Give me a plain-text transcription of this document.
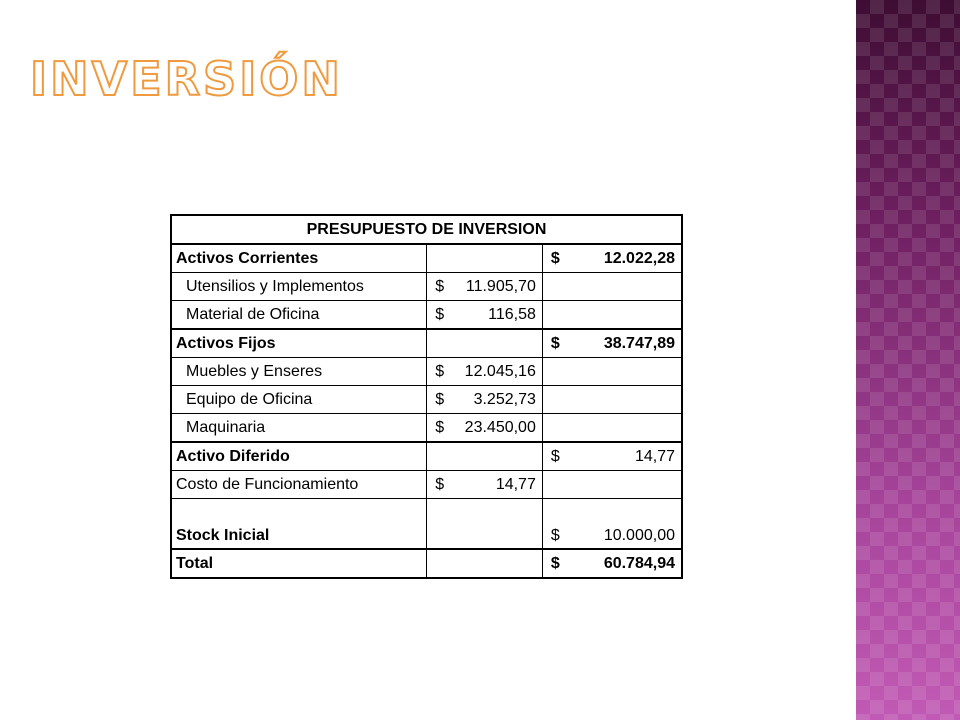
INVERSIÓN
PRESUPUESTO DE INVERSION		
Activos Corrientes		$ 12.022,28

Utensilios y Implementos	$ 11.905,70	

Material de Oficina	$ 116,58	

Activos Fijos		$ 38.747,89

Muebles y Enseres	$ 12.045,16	

Equipo de Oficina	$ 3.252,73	

Maquinaria	$ 23.450,00	

Activo Diferido		$ 14,77

Costo de Funcionamiento	$ 14,77	

Stock Inicial		$ 10.000,00

Total		$ 60.784,94
